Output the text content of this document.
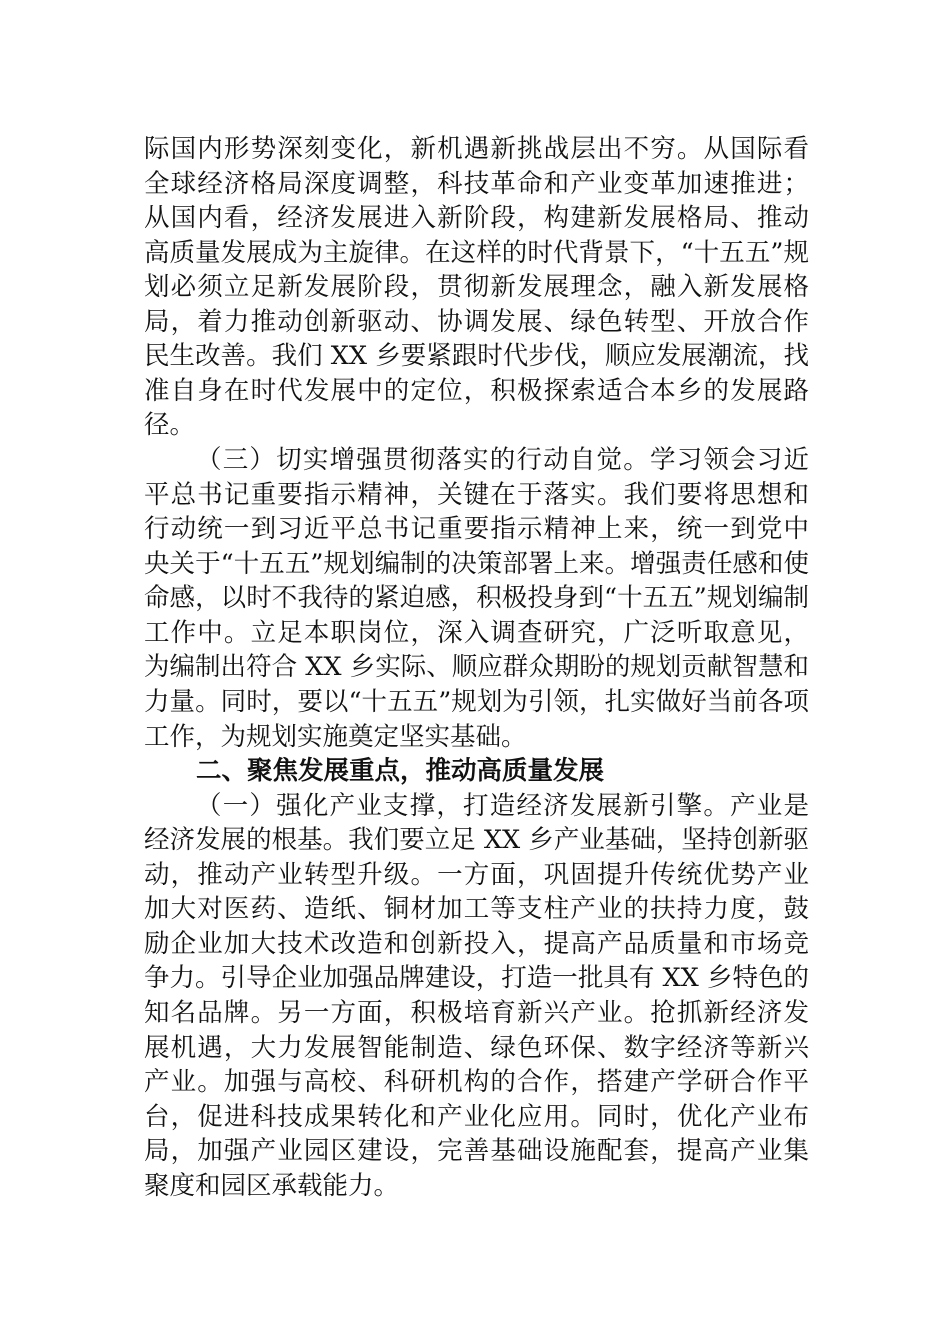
际国内形势深刻变化，新机遇新挑战层出不穷。从国际看
全球经济格局深度调整，科技革命和产业变革加速推进；
从国内看，经济发展进入新阶段，构建新发展格局、推动
高质量发展成为主旋律。在这样的时代背景下，“十五五”规
划必须立足新发展阶段，贯彻新发展理念，融入新发展格
局，着力推动创新驱动、协调发展、绿色转型、开放合作
民生改善。我们 XX 乡要紧跟时代步伐，顺应发展潮流，找
准自身在时代发展中的定位，积极探索适合本乡的发展路
径。
（三）切实增强贯彻落实的行动自觉。学习领会习近
平总书记重要指示精神，关键在于落实。我们要将思想和
行动统一到习近平总书记重要指示精神上来，统一到党中
央关于“十五五”规划编制的决策部署上来。增强责任感和使
命感，以时不我待的紧迫感，积极投身到“十五五”规划编制
工作中。立足本职岗位，深入调查研究，广泛听取意见，
为编制出符合 XX 乡实际、顺应群众期盼的规划贡献智慧和
力量。同时，要以“十五五”规划为引领，扎实做好当前各项
工作，为规划实施奠定坚实基础。
二、聚焦发展重点，推动高质量发展
（一）强化产业支撑，打造经济发展新引擎。产业是
经济发展的根基。我们要立足 XX 乡产业基础，坚持创新驱
动，推动产业转型升级。一方面，巩固提升传统优势产业
加大对医药、造纸、铜材加工等支柱产业的扶持力度，鼓
励企业加大技术改造和创新投入，提高产品质量和市场竞
争力。引导企业加强品牌建设，打造一批具有 XX 乡特色的
知名品牌。另一方面，积极培育新兴产业。抢抓新经济发
展机遇，大力发展智能制造、绿色环保、数字经济等新兴
产业。加强与高校、科研机构的合作，搭建产学研合作平
台，促进科技成果转化和产业化应用。同时，优化产业布
局，加强产业园区建设，完善基础设施配套，提高产业集
聚度和园区承载能力。
